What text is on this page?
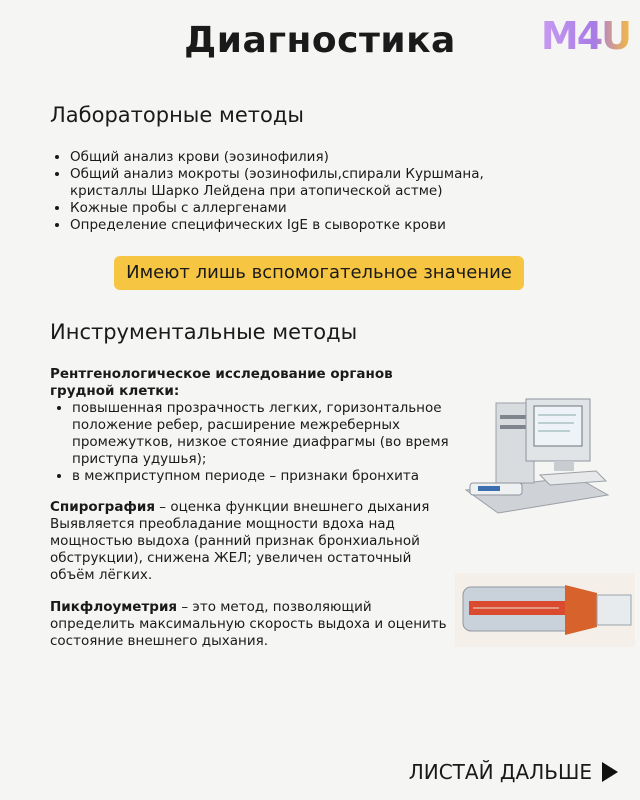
Диагностика	M4U
Лабораторные методы
• Общий анализ крови (эозинофилия)
• Общий анализ мокроты (эозинофилы,спирали Куршмана, кристаллы Шарко Лейдена при атопической астме)
• Кожные пробы с аллергенами
• Определение специфических IgE в сыворотке крови
Имеют лишь вспомогательное значение
Инструментальные методы
Рентгенологическое исследование органов грудной клетки:
• повышенная прозрачность легких, горизонтальное положение ребер, расширение межреберных промежутков, низкое стояние диафрагмы (во время приступа удушья);
• в межприступном периоде – признаки бронхита
Спирография – оценка функции внешнего дыхания Выявляется преобладание мощности вдоха над мощностью выдоха (ранний признак бронхиальной обструкции), снижена ЖЕЛ; увеличен остаточный объём лёгких.
Пикфлоуметрия – это метод, позволяющий определить максимальную скорость выдоха и оценить состояние внешнего дыхания.
ЛИСТАЙ ДАЛЬШЕ
